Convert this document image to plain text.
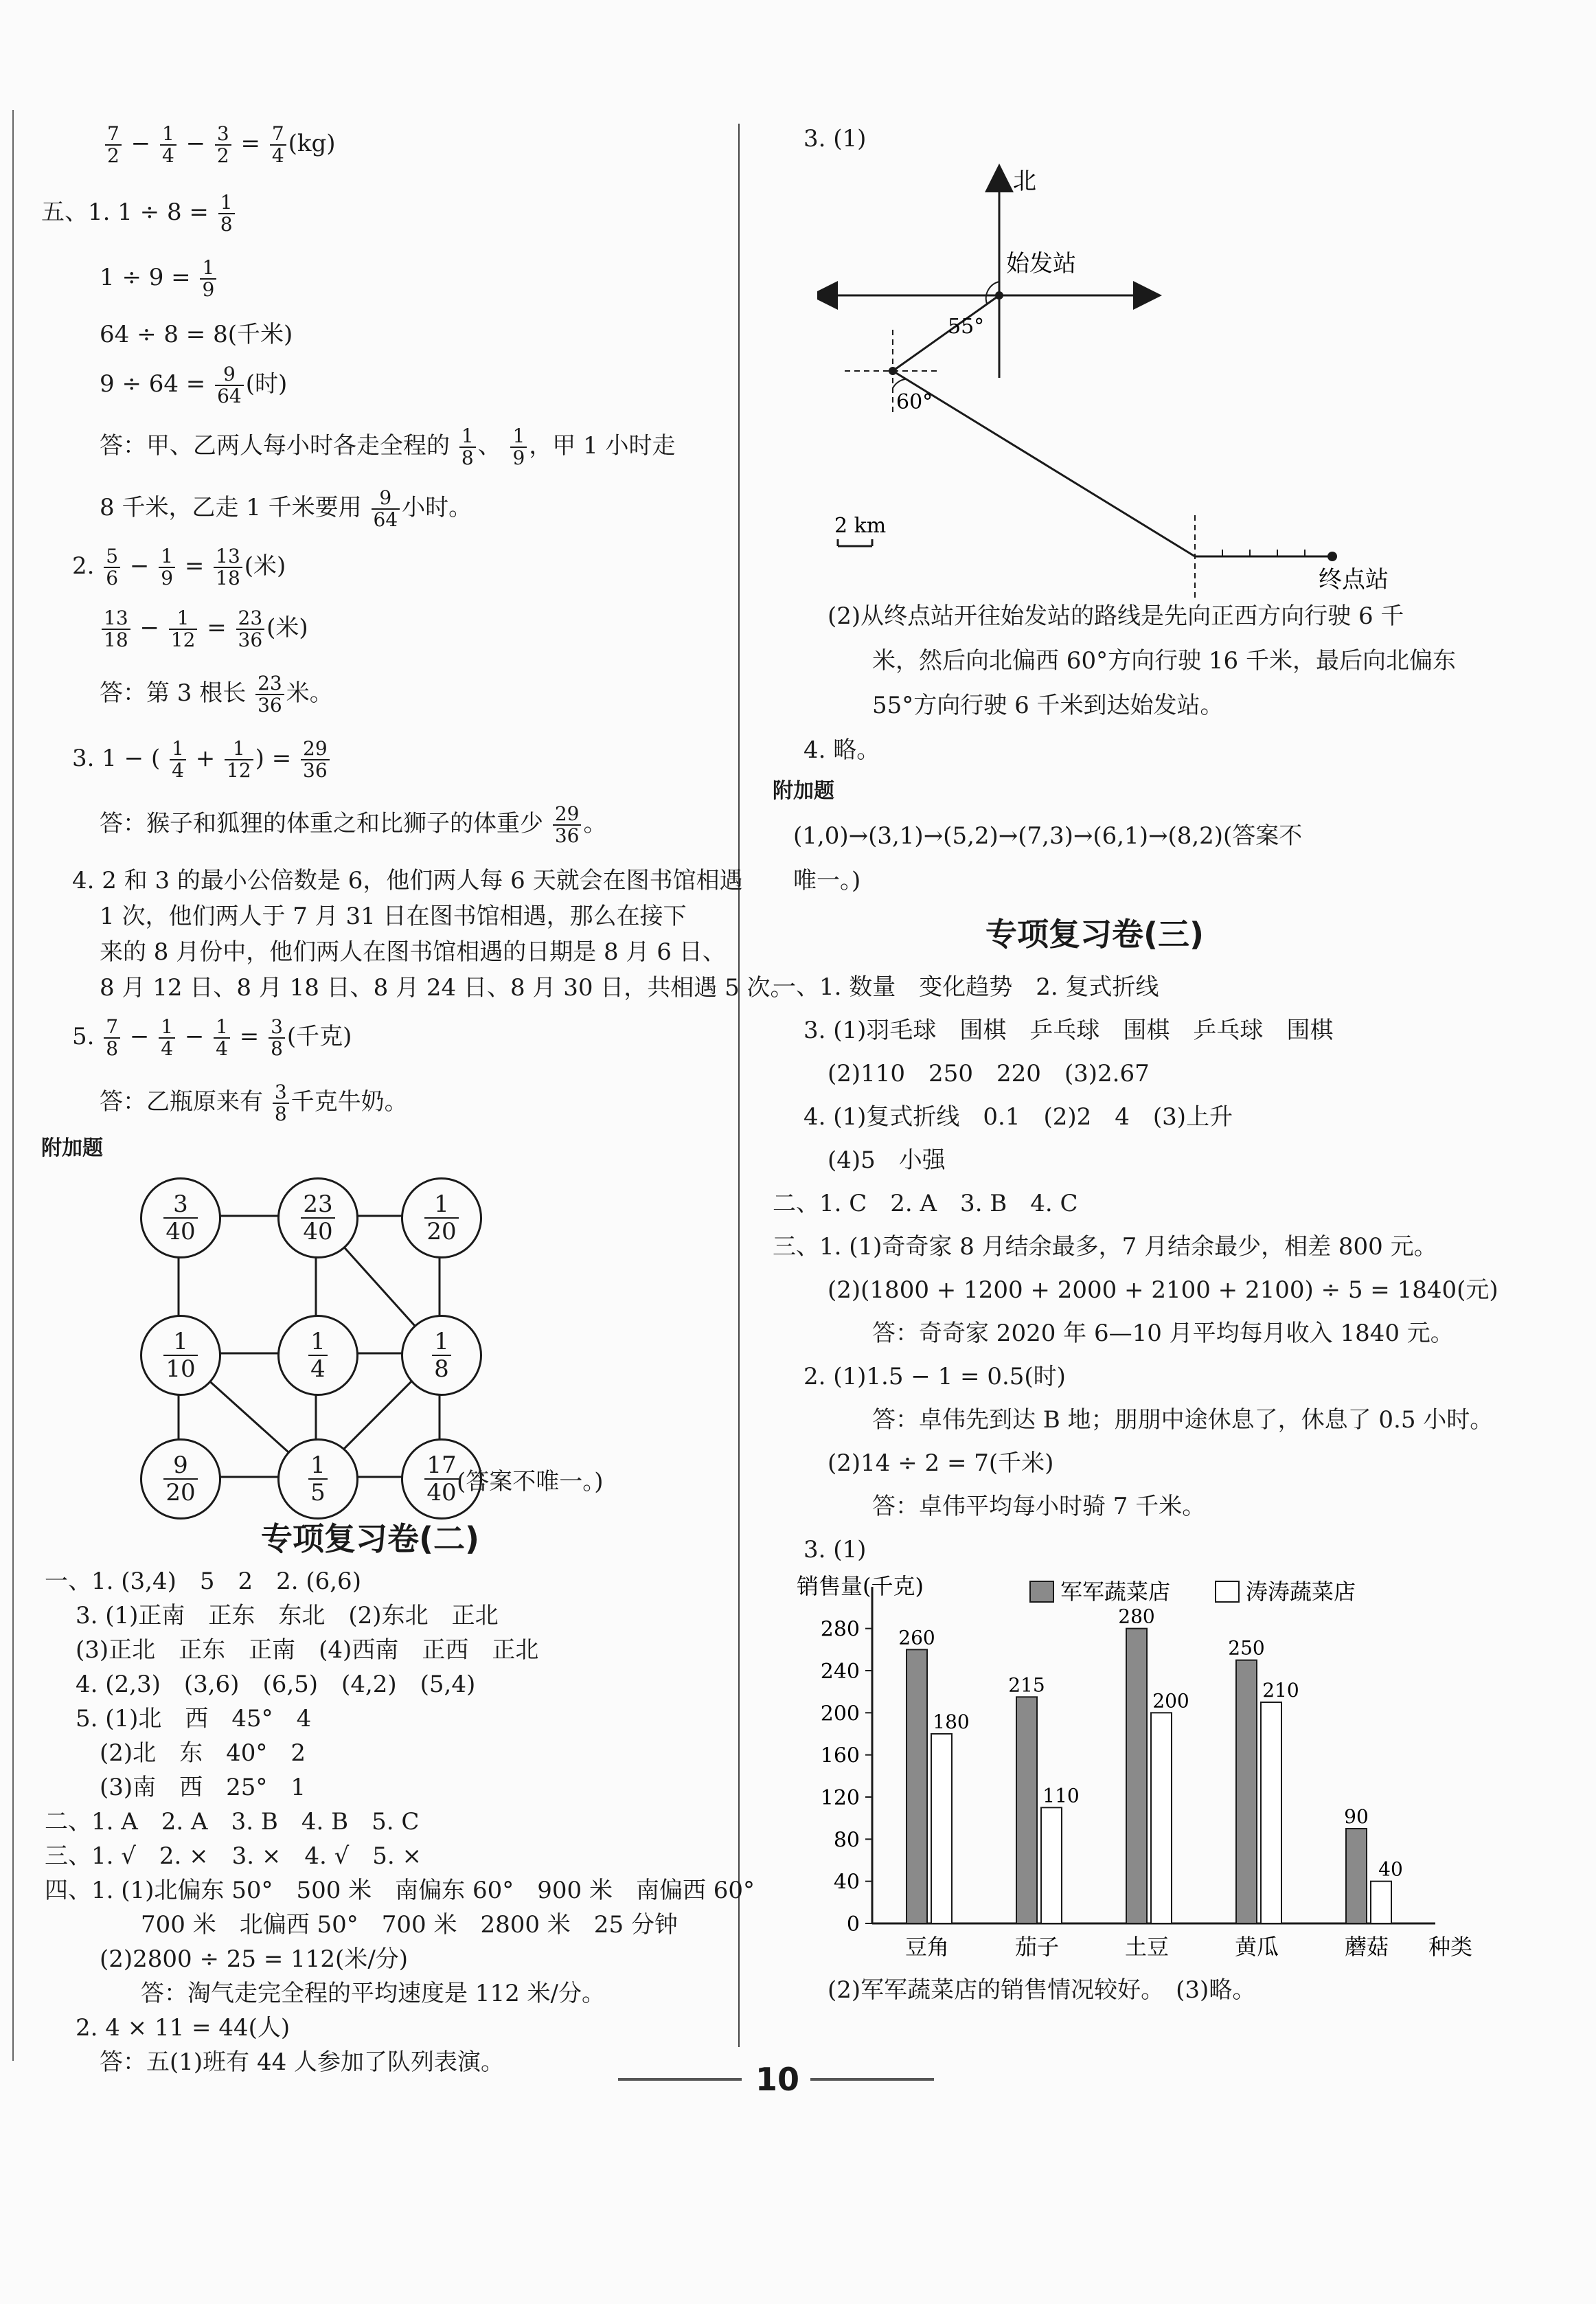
$\frac{7}{2} - \frac{1}{4} - \frac{3}{2} = \frac{7}{4} (kg)$
五、1. $1 \div 8 = \frac{1}{8}$
$1 \div 9 = \frac{1}{9}$
64 ÷ 8 = 8(千米)
$9 \div 64 = \frac{9}{64}$ (时)
答：甲、乙两人每小时各走全程的 $\frac{1}{8}$ 、 $\frac{1}{9}$ ，甲 1 小时走
8 千米，乙走 1 千米要用 $\frac{9}{64}$ 小时。
2. $\frac{5}{6} - \frac{1}{9} = \frac{13}{18}$ (米)
$\frac{13}{18} - \frac{1}{12} = \frac{23}{36}$ (米)
答：第 3 根长 $\frac{23}{36}$ 米。
3. 1 − ( $\frac{1}{4} + \frac{1}{12}$ ) = $\frac{29}{36}$
答：猴子和狐狸的体重之和比狮子的体重少 $\frac{29}{36}$ 。
4. 2 和 3 的最小公倍数是 6，他们两人每 6 天就会在图书馆相遇
1 次，他们两人于 7 月 31 日在图书馆相遇，那么在接下
来的 8 月份中，他们两人在图书馆相遇的日期是 8 月 6 日、
8 月 12 日、8 月 18 日、8 月 24 日、8 月 30 日，共相遇 5 次。
5. $\frac{7}{8} - \frac{1}{4} - \frac{1}{4} = \frac{3}{8}$ (千克)
答：乙瓶原来有 $\frac{3}{8}$ 千克牛奶。
附加题
$\frac{3}{40}$	$\frac{23}{40}$	$\frac{1}{20}$
$\frac{1}{10}$	$\frac{1}{4}$	$\frac{1}{8}$
$\frac{9}{20}$	$\frac{1}{5}$	$\frac{17}{40}$
(答案不唯一。)
专项复习卷(二)
一、1. (3,4)　5　2　2. (6,6)
3. (1)正南　正东　东北　(2)东北　正北
(3)正北　正东　正南　(4)西南　正西　正北
4. (2,3)　(3,6)　(6,5)　(4,2)　(5,4)
5. (1)北　西　45°　4
(2)北　东　40°　2
(3)南　西　25°　1
二、1. A　2. A　3. B　4. B　5. C
三、1. √　2. ×　3. ×　4. √　5. ×
四、1. (1)北偏东 50°　500 米　南偏东 60°　900 米　南偏西 60°
700 米　北偏西 50°　700 米　2800 米　25 分钟
(2)2800 ÷ 25 = 112(米/分)
答：淘气走完全程的平均速度是 112 米/分。
2. 4 × 11 = 44(人)
答：五(1)班有 44 人参加了队列表演。
3. (1)
北
始发站
终点站
55°
60°
2 km
(2)从终点站开往始发站的路线是先向正西方向行驶 6 千
米，然后向北偏西 60°方向行驶 16 千米，最后向北偏东
55°方向行驶 6 千米到达始发站。
4. 略。
附加题
(1,0)→(3,1)→(5,2)→(7,3)→(6,1)→(8,2)(答案不
唯一。)
专项复习卷(三)
一、1. 数量　变化趋势　2. 复式折线
3. (1)羽毛球　围棋　乒乓球　围棋　乒乓球　围棋
(2)110　250　220　(3)2.67
4. (1)复式折线　0.1　(2)2　4　(3)上升
(4)5　小强
二、1. C　2. A　3. B　4. C
三、1. (1)奇奇家 8 月结余最多，7 月结余最少，相差 800 元。
(2)(1800 + 1200 + 2000 + 2100 + 2100) ÷ 5 = 1840(元)
答：奇奇家 2020 年 6—10 月平均每月收入 1840 元。
2. (1)1.5 − 1 = 0.5(时)
答：卓伟先到达 B 地；朋朋中途休息了，休息了 0.5 小时。
(2)14 ÷ 2 = 7(千米)
答：卓伟平均每小时骑 7 千米。
3. (1)
销售量(千克)
0
40
80
120
160
200
240
280 260
180
豆角
215
110
茄子
280
200
土豆
250
210
黄瓜
90
40
蘑菇 种类
军军蔬菜店	涛涛蔬菜店
(2)军军蔬菜店的销售情况较好。　(3)略。
10
